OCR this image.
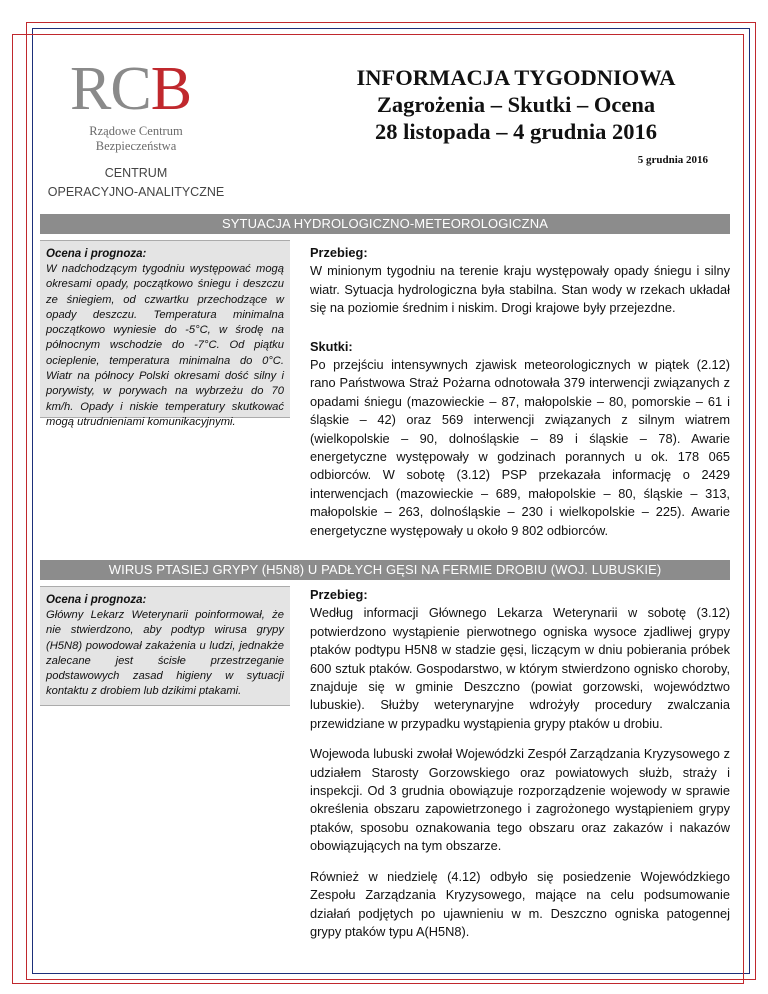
RCB
Rządowe Centrum
Bezpieczeństwa
CENTRUM
OPERACYJNO-ANALITYCZNE
INFORMACJA TYGODNIOWA
Zagrożenia – Skutki – Ocena
28 listopada – 4 grudnia 2016
5 grudnia 2016
SYTUACJA HYDROLOGICZNO-METEOROLOGICZNA
Ocena i prognoza:
W nadchodzącym tygodniu występować mogą okresami opady, początkowo śniegu i deszczu ze śniegiem, od czwartku przechodzące w opady deszczu. Temperatura minimalna początkowo wyniesie do -5°C, w środę na północnym wschodzie do -7°C. Od piątku ocieplenie, temperatura minimalna do 0°C. Wiatr na północy Polski okresami dość silny i porywisty, w porywach na wybrzeżu do 70 km/h. Opady i niskie temperatury skutkować mogą utrudnieniami komunikacyjnymi.
Przebieg:

W minionym tygodniu na terenie kraju występowały opady śniegu i silny wiatr. Sytuacja hydrologiczna była stabilna. Stan wody w rzekach układał się na poziomie średnim i niskim. Drogi krajowe były przejezdne.

Skutki:

Po przejściu intensywnych zjawisk meteorologicznych w piątek (2.12) rano Państwowa Straż Pożarna odnotowała 379 interwencji związanych z opadami śniegu (mazowieckie – 87, małopolskie – 80, pomorskie – 61 i śląskie – 42) oraz 569 interwencji związanych z silnym wiatrem (wielkopolskie – 90, dolnośląskie – 89 i śląskie – 78). Awarie energetyczne występowały w godzinach porannych u ok. 178 065 odbiorców. W sobotę (3.12) PSP przekazała informację o 2429 interwencjach (mazowieckie – 689, małopolskie – 80, śląskie – 313, małopolskie – 263, dolnośląskie – 230 i wielkopolskie – 225). Awarie energetyczne występowały u około 9 802 odbiorców.

WIRUS PTASIEJ GRYPY (H5N8) U PADŁYCH GĘSI NA FERMIE DROBIU (WOJ. LUBUSKIE)
Ocena i prognoza:
Główny Lekarz Weterynarii poinformował, że nie stwierdzono, aby podtyp wirusa grypy (H5N8) powodował zakażenia u ludzi, jednakże zalecane jest ścisłe przestrzeganie podstawowych zasad higieny w sytuacji kontaktu z drobiem lub dzikimi ptakami.
Przebieg:

Według informacji Głównego Lekarza Weterynarii w sobotę (3.12) potwierdzono wystąpienie pierwotnego ogniska wysoce zjadliwej grypy ptaków podtypu H5N8 w stadzie gęsi, liczącym w dniu pobierania próbek 600 sztuk ptaków. Gospodarstwo, w którym stwierdzono ognisko choroby, znajduje się w gminie Deszczno (powiat gorzowski, województwo lubuskie). Służby weterynaryjne wdrożyły procedury zwalczania przewidziane w przypadku wystąpienia grypy ptaków u drobiu.

Wojewoda lubuski zwołał Wojewódzki Zespół Zarządzania Kryzysowego z udziałem Starosty Gorzowskiego oraz powiatowych służb, straży i inspekcji. Od 3 grudnia obowiązuje rozporządzenie wojewody w sprawie określenia obszaru zapowietrzonego i zagrożonego wystąpieniem grypy ptaków, sposobu oznakowania tego obszaru oraz zakazów i nakazów obowiązujących na tym obszarze.

Również w niedzielę (4.12) odbyło się posiedzenie Wojewódzkiego Zespołu Zarządzania Kryzysowego, mające na celu podsumowanie działań podjętych po ujawnieniu w m. Deszczno ogniska patogennej grypy ptaków typu A(H5N8).
